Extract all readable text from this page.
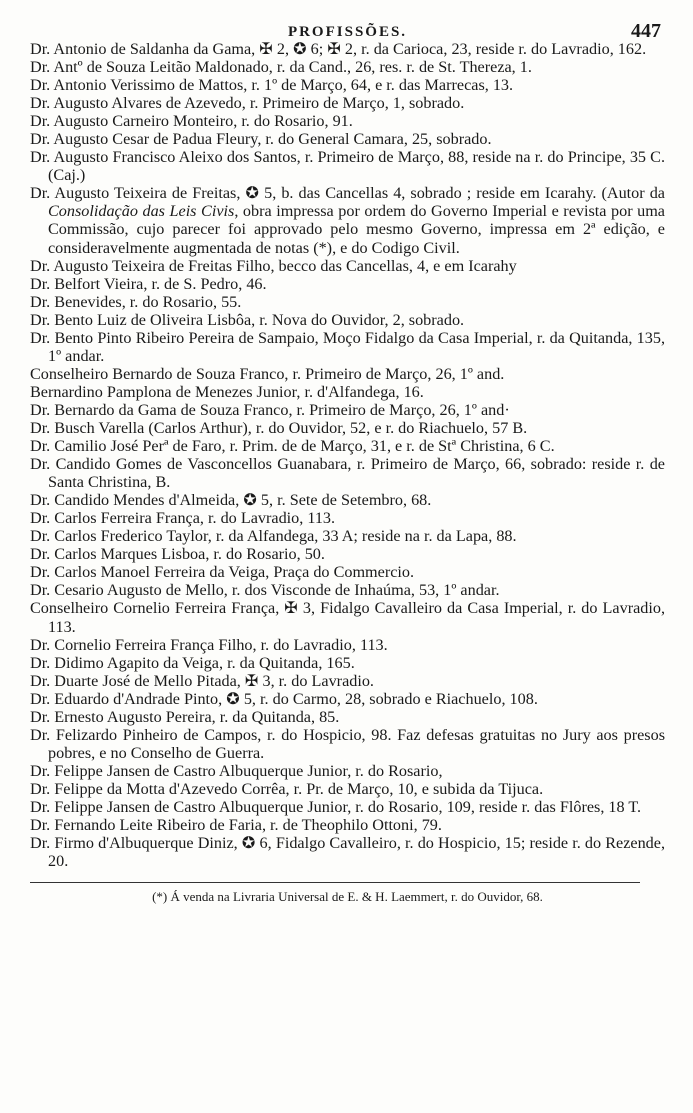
PROFISSÕES.	447
Dr. Antonio de Saldanha da Gama, ✠ 2, ✪ 6; ✠ 2, r. da Carioca, 23, reside r. do Lavradio, 162.
Dr. Antº de Souza Leitão Maldonado, r. da Cand., 26, res. r. de St. Thereza, 1.
Dr. Antonio Verissimo de Mattos, r. 1º de Março, 64, e r. das Marrecas, 13.
Dr. Augusto Alvares de Azevedo, r. Primeiro de Março, 1, sobrado.
Dr. Augusto Carneiro Monteiro, r. do Rosario, 91.
Dr. Augusto Cesar de Padua Fleury, r. do General Camara, 25, sobrado.
Dr. Augusto Francisco Aleixo dos Santos, r. Primeiro de Março, 88, reside na r. do Principe, 35 C. (Caj.)
Dr. Augusto Teixeira de Freitas, ✪ 5, b. das Cancellas 4, sobrado ; reside em Icarahy. (Autor da Consolidação das Leis Civis, obra impressa por ordem do Governo Imperial e revista por uma Commissão, cujo parecer foi approvado pelo mesmo Governo, impressa em 2ª edição, e consideravelmente augmentada de notas (*), e do Codigo Civil.
Dr. Augusto Teixeira de Freitas Filho, becco das Cancellas, 4, e em Icarahy
Dr. Belfort Vieira, r. de S. Pedro, 46.
Dr. Benevides, r. do Rosario, 55.
Dr. Bento Luiz de Oliveira Lisbôa, r. Nova do Ouvidor, 2, sobrado.
Dr. Bento Pinto Ribeiro Pereira de Sampaio, Moço Fidalgo da Casa Imperial, r. da Quitanda, 135, 1º andar.
Conselheiro Bernardo de Souza Franco, r. Primeiro de Março, 26, 1º and.
Bernardino Pamplona de Menezes Junior, r. d'Alfandega, 16.
Dr. Bernardo da Gama de Souza Franco, r. Primeiro de Março, 26, 1º and·
Dr. Busch Varella (Carlos Arthur), r. do Ouvidor, 52, e r. do Riachuelo, 57 B.
Dr. Camilio José Perª de Faro, r. Prim. de de Março, 31, e r. de Stª Christina, 6 C.
Dr. Candido Gomes de Vasconcellos Guanabara, r. Primeiro de Março, 66, sobrado: reside r. de Santa Christina, B.
Dr. Candido Mendes d'Almeida, ✪ 5, r. Sete de Setembro, 68.
Dr. Carlos Ferreira França, r. do Lavradio, 113.
Dr. Carlos Frederico Taylor, r. da Alfandega, 33 A; reside na r. da Lapa, 88.
Dr. Carlos Marques Lisboa, r. do Rosario, 50.
Dr. Carlos Manoel Ferreira da Veiga, Praça do Commercio.
Dr. Cesario Augusto de Mello, r. dos Visconde de Inhaúma, 53, 1º andar.
Conselheiro Cornelio Ferreira França, ✠ 3, Fidalgo Cavalleiro da Casa Imperial, r. do Lavradio, 113.
Dr. Cornelio Ferreira França Filho, r. do Lavradio, 113.
Dr. Didimo Agapito da Veiga, r. da Quitanda, 165.
Dr. Duarte José de Mello Pitada, ✠ 3, r. do Lavradio.
Dr. Eduardo d'Andrade Pinto, ✪ 5, r. do Carmo, 28, sobrado e Riachuelo, 108.
Dr. Ernesto Augusto Pereira, r. da Quitanda, 85.
Dr. Felizardo Pinheiro de Campos, r. do Hospicio, 98. Faz defesas gratuitas no Jury aos presos pobres, e no Conselho de Guerra.
Dr. Felippe Jansen de Castro Albuquerque Junior, r. do Rosario,
Dr. Felippe da Motta d'Azevedo Corrêa, r. Pr. de Março, 10, e subida da Tijuca.
Dr. Felippe Jansen de Castro Albuquerque Junior, r. do Rosario, 109, reside r. das Flôres, 18 T.
Dr. Fernando Leite Ribeiro de Faria, r. de Theophilo Ottoni, 79.
Dr. Firmo d'Albuquerque Diniz, ✪ 6, Fidalgo Cavalleiro, r. do Hospicio, 15; reside r. do Rezende, 20.
(*) Á venda na Livraria Universal de E. & H. Laemmert, r. do Ouvidor, 68.
